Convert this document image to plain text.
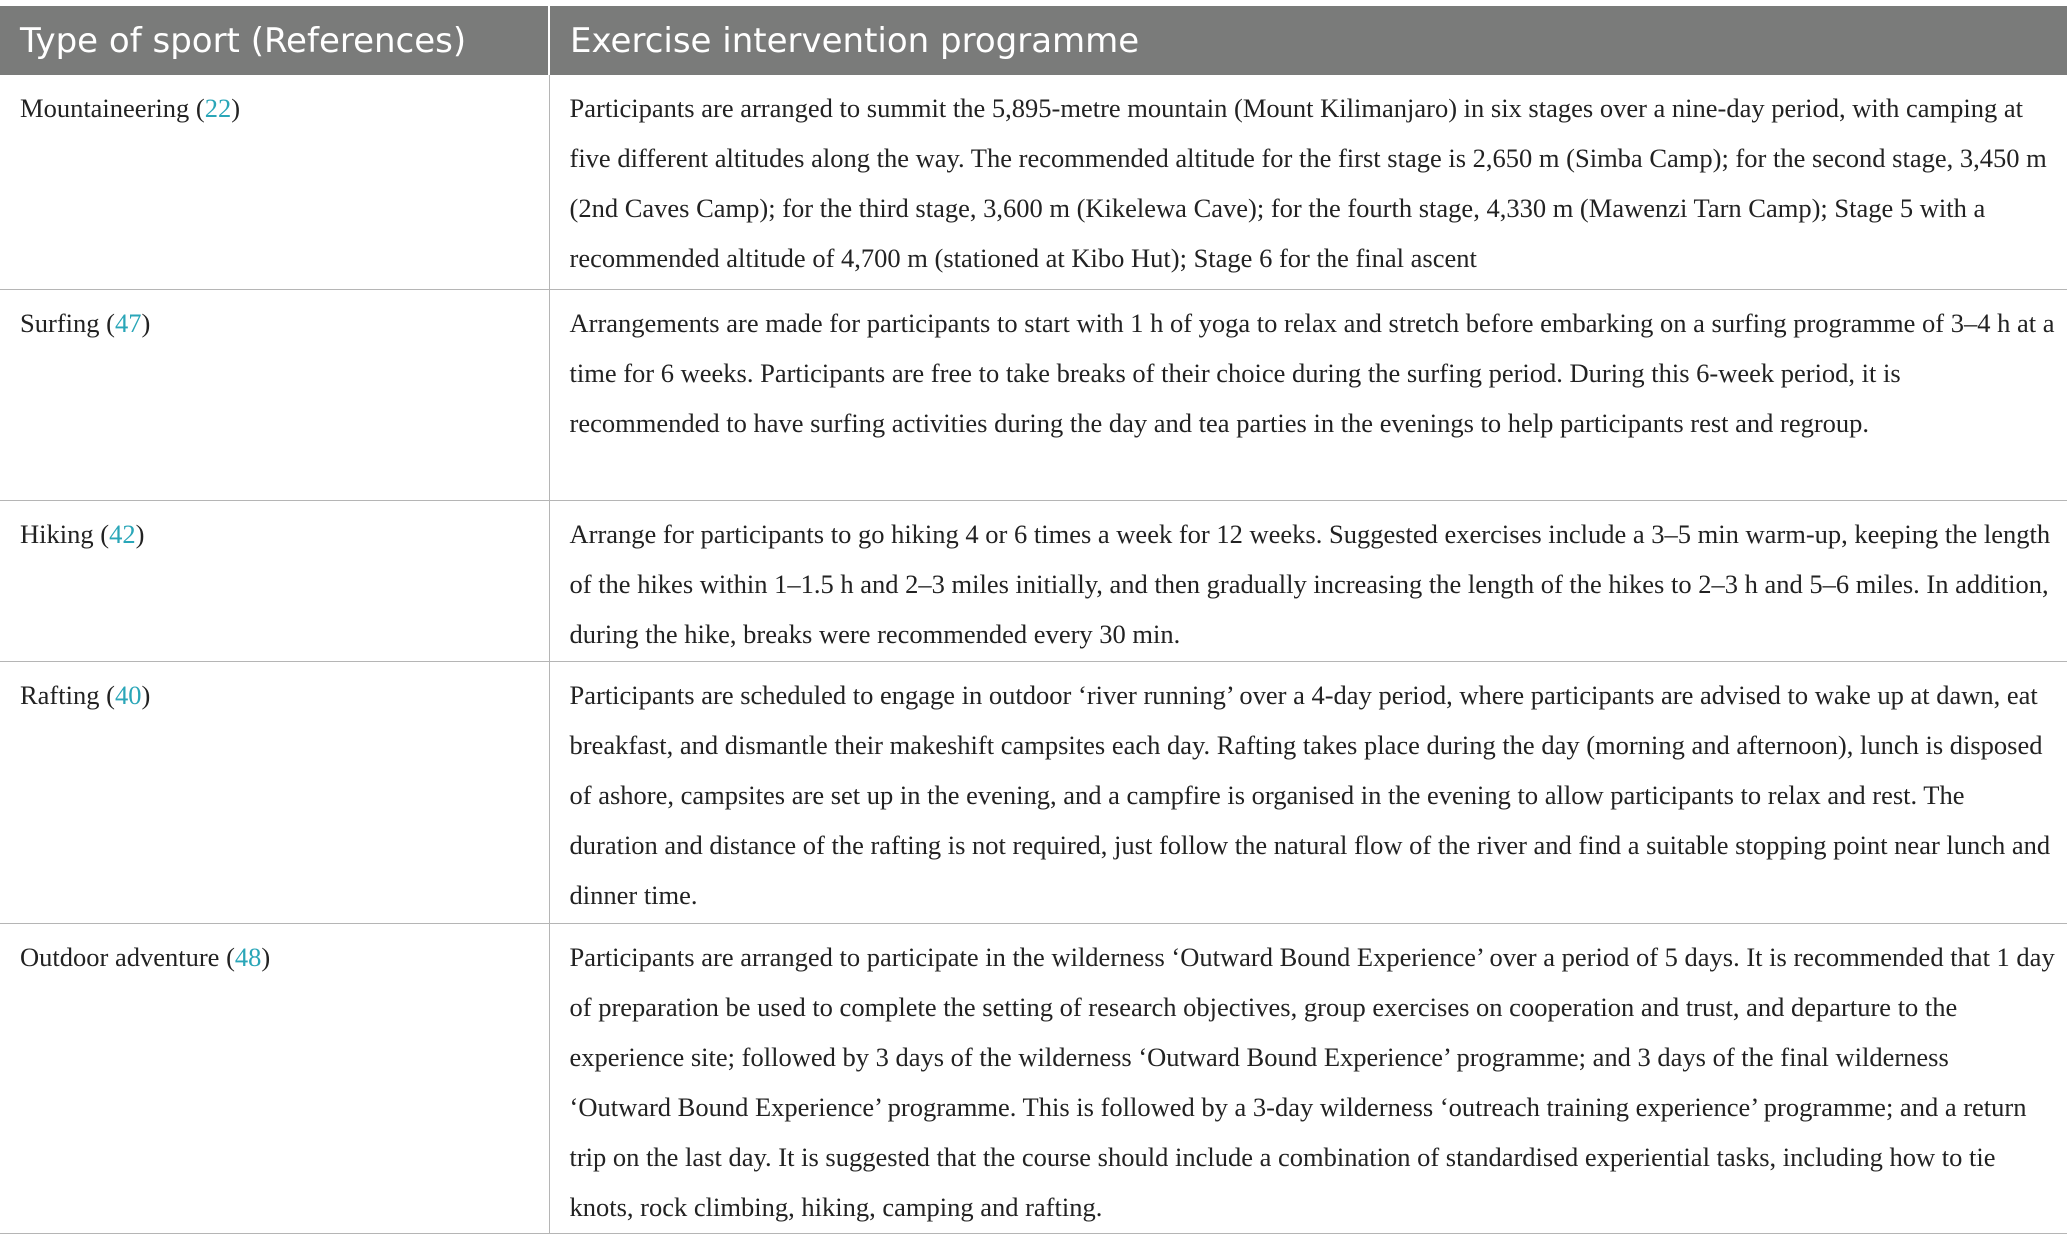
Type of sport (References)	Exercise intervention programme
Mountaineering (22)	Participants are arranged to summit the 5,895-metre mountain (Mount Kilimanjaro) in six stages over a nine-day period, with camping at five different altitudes along the way. The recommended altitude for the first stage is 2,650 m (Simba Camp); for the second stage, 3,450 m (2nd Caves Camp); for the third stage, 3,600 m (Kikelewa Cave); for the fourth stage, 4,330 m (Mawenzi Tarn Camp); Stage 5 with a recommended altitude of 4,700 m (stationed at Kibo Hut); Stage 6 for the final ascent
Surfing (47)	Arrangements are made for participants to start with 1 h of yoga to relax and stretch before embarking on a surfing programme of 3–4 h at a time for 6 weeks. Participants are free to take breaks of their choice during the surfing period. During this 6-week period, it is recommended to have surfing activities during the day and tea parties in the evenings to help participants rest and regroup.
Hiking (42)	Arrange for participants to go hiking 4 or 6 times a week for 12 weeks. Suggested exercises include a 3–5 min warm-up, keeping the length of the hikes within 1–1.5 h and 2–3 miles initially, and then gradually increasing the length of the hikes to 2–3 h and 5–6 miles. In addition, during the hike, breaks were recommended every 30 min.
Rafting (40)	Participants are scheduled to engage in outdoor ‘river running’ over a 4-day period, where participants are advised to wake up at dawn, eat breakfast, and dismantle their makeshift campsites each day. Rafting takes place during the day (morning and afternoon), lunch is disposed of ashore, campsites are set up in the evening, and a campfire is organised in the evening to allow participants to relax and rest. The duration and distance of the rafting is not required, just follow the natural flow of the river and find a suitable stopping point near lunch and dinner time.
Outdoor adventure (48)	Participants are arranged to participate in the wilderness ‘Outward Bound Experience’ over a period of 5 days. It is recommended that 1 day of preparation be used to complete the setting of research objectives, group exercises on cooperation and trust, and departure to the experience site; followed by 3 days of the wilderness ‘Outward Bound Experience’ programme; and 3 days of the final wilderness ‘Outward Bound Experience’ programme. This is followed by a 3-day wilderness ‘outreach training experience’ programme; and a return trip on the last day. It is suggested that the course should include a combination of standardised experiential tasks, including how to tie knots, rock climbing, hiking, camping and rafting.
